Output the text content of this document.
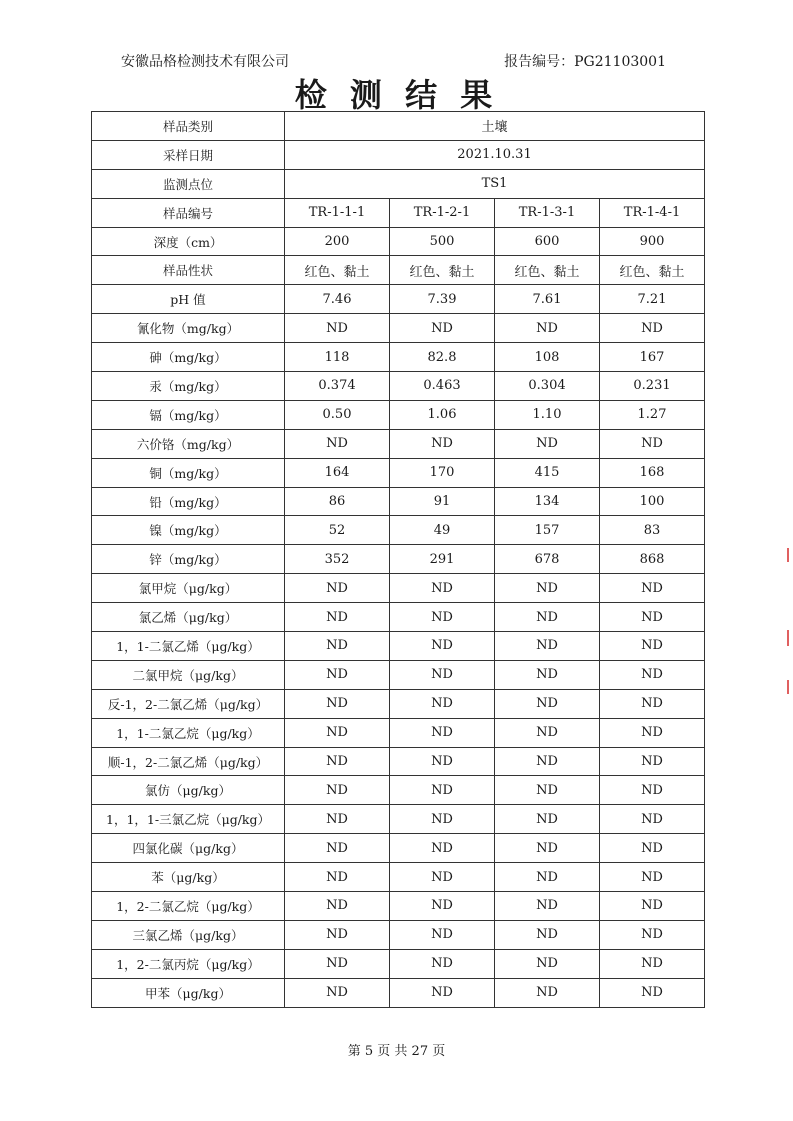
安徽品格检测技术有限公司	报告编号：PG21103001
检 测 结 果
样品类别	土壤			
采样日期	2021.10.31			
监测点位	TS1			
样品编号	TR-1-1-1	TR-1-2-1	TR-1-3-1	TR-1-4-1
深度（cm）	200	500	600	900
样品性状	红色、黏土	红色、黏土	红色、黏土	红色、黏土
pH 值	7.46	7.39	7.61	7.21
氰化物（mg/kg）	ND	ND	ND	ND
砷（mg/kg）	118	82.8	108	167
汞（mg/kg）	0.374	0.463	0.304	0.231
镉（mg/kg）	0.50	1.06	1.10	1.27
六价铬（mg/kg）	ND	ND	ND	ND
铜（mg/kg）	164	170	415	168
铅（mg/kg）	86	91	134	100
镍（mg/kg）	52	49	157	83
锌（mg/kg）	352	291	678	868
氯甲烷（μg/kg）	ND	ND	ND	ND
氯乙烯（μg/kg）	ND	ND	ND	ND
1，1-二氯乙烯（μg/kg）	ND	ND	ND	ND
二氯甲烷（μg/kg）	ND	ND	ND	ND
反-1，2-二氯乙烯（μg/kg）	ND	ND	ND	ND
1，1-二氯乙烷（μg/kg）	ND	ND	ND	ND
顺-1，2-二氯乙烯（μg/kg）	ND	ND	ND	ND
氯仿（μg/kg）	ND	ND	ND	ND
1，1，1-三氯乙烷（μg/kg）	ND	ND	ND	ND
四氯化碳（μg/kg）	ND	ND	ND	ND
苯（μg/kg）	ND	ND	ND	ND
1，2-二氯乙烷（μg/kg）	ND	ND	ND	ND
三氯乙烯（μg/kg）	ND	ND	ND	ND
1，2-二氯丙烷（μg/kg）	ND	ND	ND	ND
甲苯（μg/kg）	ND	ND	ND	ND
第 5 页 共 27 页
